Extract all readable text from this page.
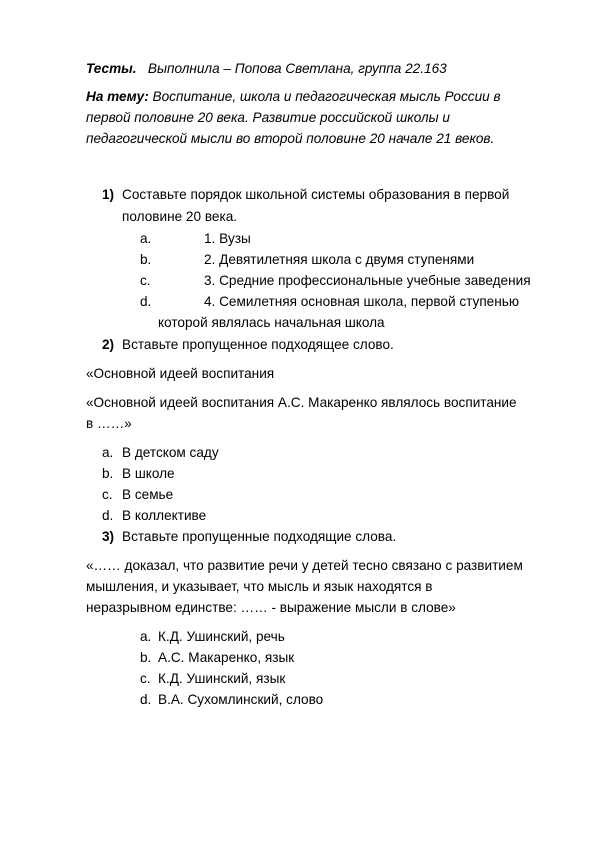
Тесты. Выполнила – Попова Светлана, группа 22.163
На тему: Воспитание, школа и педагогическая мысль России в
первой половине 20 века. Развитие российской школы и
педагогической мысли во второй половине 20 начале 21 веков.
1) Составьте порядок школьной системы образования в первой
половине 20 века.
a.	1. Вузы
b.	2. Девятилетняя школа с двумя ступенями
c.	3. Средние профессиональные учебные заведения
d.	4. Семилетняя основная школа, первой ступенью
которой являлась начальная школа
2) Вставьте пропущенное подходящее слово.
«Основной идеей воспитания
«Основной идеей воспитания А.С. Макаренко являлось воспитание
в ……»
a. В детском саду
b. В школе
c. В семье
d. В коллективе
3) Вставьте пропущенные подходящие слова.
«…… доказал, что развитие речи у детей тесно связано с развитием
мышления, и указывает, что мысль и язык находятся в
неразрывном единстве: …… - выражение мысли в слове»
a. К.Д. Ушинский, речь
b. А.С. Макаренко, язык
c. К.Д. Ушинский, язык
d. В.А. Сухомлинский, слово
